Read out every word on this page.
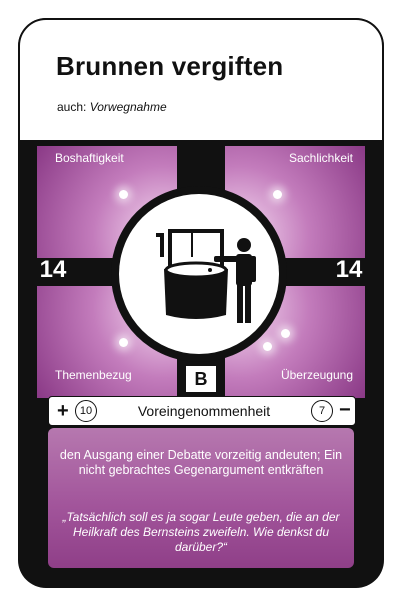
Brunnen vergiften
auch: Vorwegnahme
Boshaftigkeit	Sachlichkeit
Themenbezug	Überzeugung
14	14
B
+	10	Voreingenommenheit	7 −
den Ausgang einer Debatte vorzeitig andeuten; Ein nicht gebrachtes Gegenargument entkräften
„Tatsächlich soll es ja sogar Leute geben, die an der Heilkraft des Bernsteins zweifeln. Wie denkst du darüber?“
